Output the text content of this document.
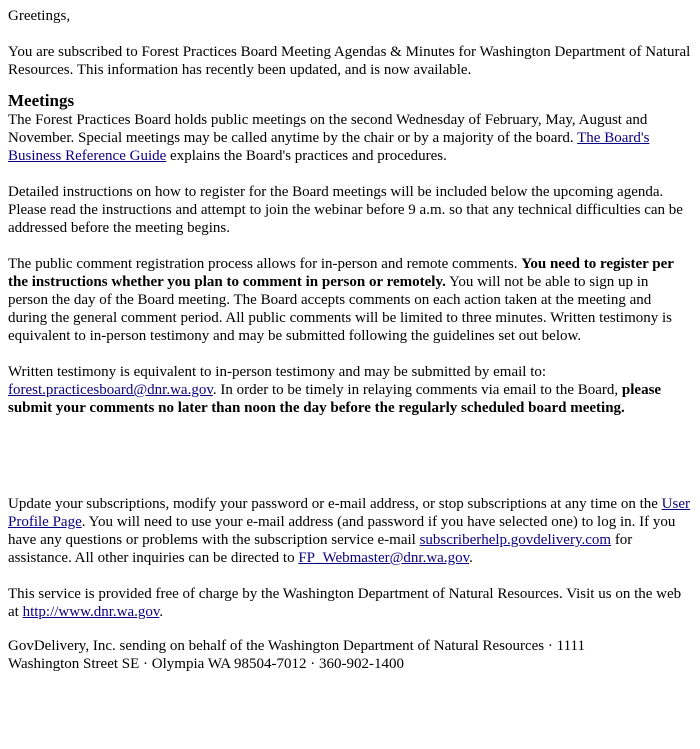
Greetings,

You are subscribed to Forest Practices Board Meeting Agendas & Minutes for Washington Department of Natural Resources. This information has recently been updated, and is now available.

Meetings

The Forest Practices Board holds public meetings on the second Wednesday of February, May, August and November. Special meetings may be called anytime by the chair or by a majority of the board. The Board's Business Reference Guide explains the Board's practices and procedures.

Detailed instructions on how to register for the Board meetings will be included below the upcoming agenda. Please read the instructions and attempt to join the webinar before 9 a.m. so that any technical difficulties can be addressed before the meeting begins.

The public comment registration process allows for in-person and remote comments. You need to register per the instructions whether you plan to comment in person or remotely. You will not be able to sign up in person the day of the Board meeting. The Board accepts comments on each action taken at the meeting and during the general comment period. All public comments will be limited to three minutes. Written testimony is equivalent to in-person testimony and may be submitted following the guidelines set out below.

Written testimony is equivalent to in-person testimony and may be submitted by email to: forest.practicesboard@dnr.wa.gov. In order to be timely in relaying comments via email to the Board, please submit your comments no later than noon the day before the regularly scheduled board meeting.

Update your subscriptions, modify your password or e-mail address, or stop subscriptions at any time on the User Profile Page. You will need to use your e-mail address (and password if you have selected one) to log in. If you have any questions or problems with the subscription service e-mail subscriberhelp.govdelivery.com for assistance. All other inquiries can be directed to FP_Webmaster@dnr.wa.gov.

This service is provided free of charge by the Washington Department of Natural Resources. Visit us on the web at http://www.dnr.wa.gov.

GovDelivery, Inc. sending on behalf of the Washington Department of Natural Resources · 1111
Washington Street SE · Olympia WA 98504-7012 · 360-902-1400
